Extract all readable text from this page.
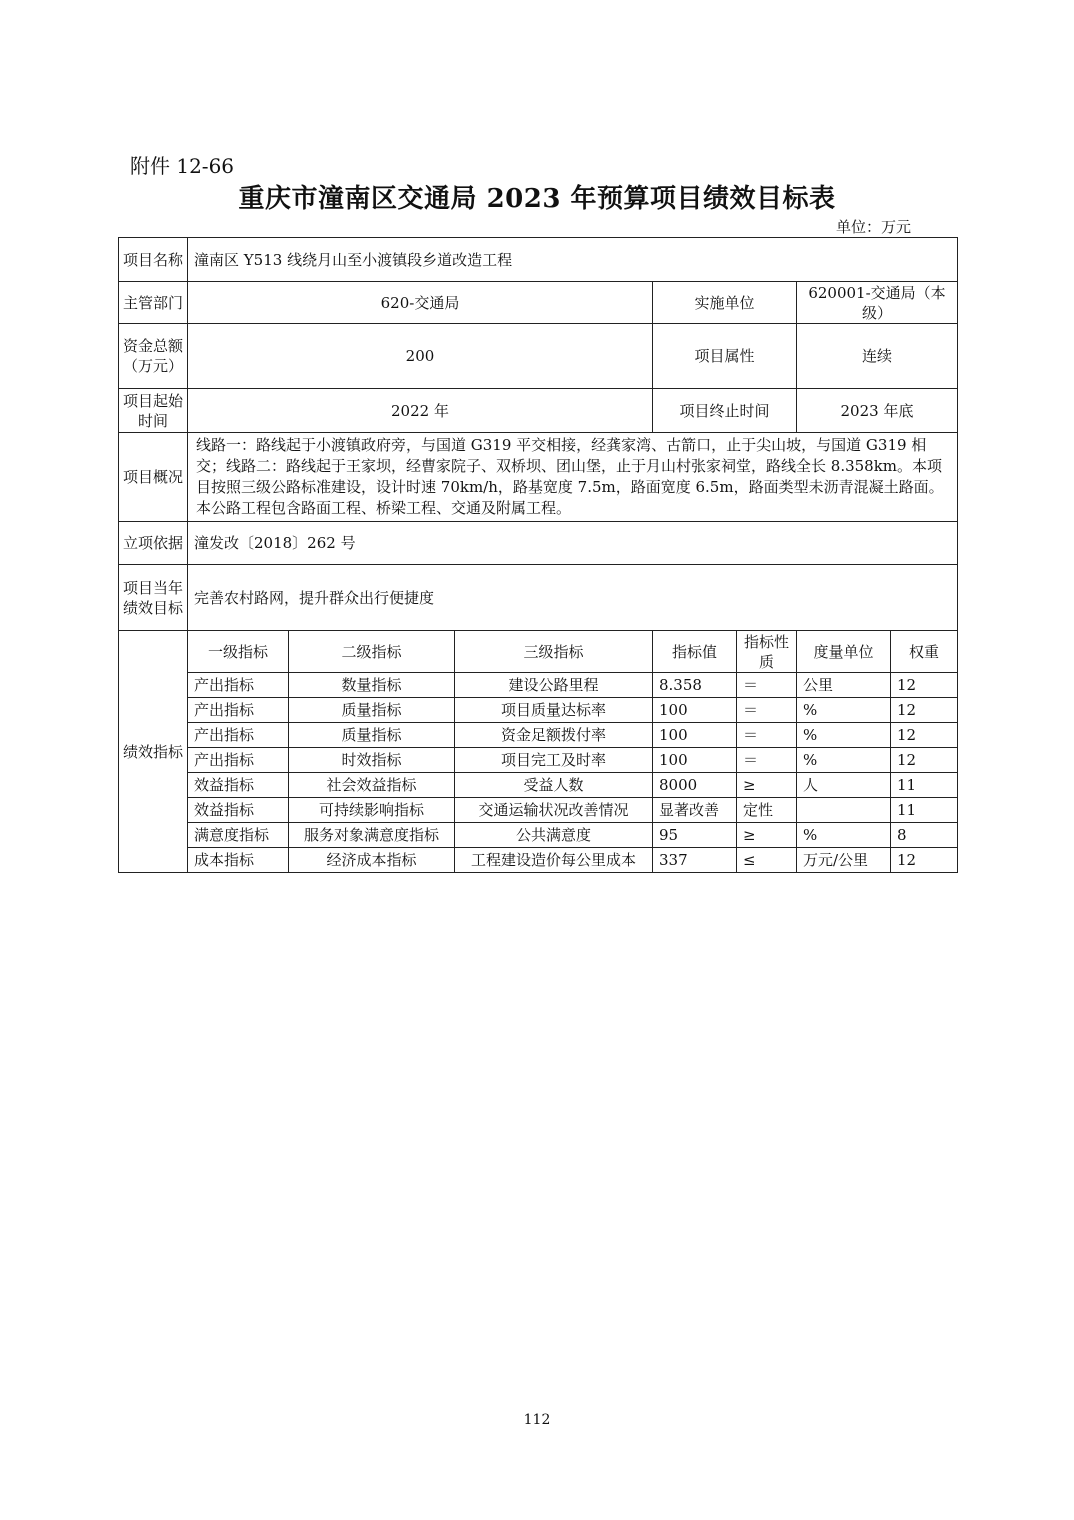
附件 12-66
重庆市潼南区交通局 2023 年预算项目绩效目标表
单位：万元
项目名称	潼南区 Y513 线绕月山至小渡镇段乡道改造工程						
主管部门	620-交通局			实施单位		620001-交通局（本级）	
资金总额（万元）	200			项目属性		连续	
项目起始时间	2022 年			项目终止时间		2023 年底	
项目概况	线路一：路线起于小渡镇政府旁，与国道 G319 平交相接，经龚家湾、古箭口，止于尖山坡，与国道 G319 相交；线路二：路线起于王家坝，经曹家院子、双桥坝、团山堡，止于月山村张家祠堂，路线全长 8.358km。本项目按照三级公路标准建设，设计时速 70km/h，路基宽度 7.5m，路面宽度 6.5m，路面类型未沥青混凝土路面。本公路工程包含路面工程、桥梁工程、交通及附属工程。						
立项依据	潼发改〔2018〕262 号						
项目当年绩效目标	完善农村路网，提升群众出行便捷度						
绩效指标	一级指标	二级指标	三级指标	指标值	指标性质	度量单位	权重
	产出指标	数量指标	建设公路里程	8.358	＝	公里	12
	产出指标	质量指标	项目质量达标率	100	＝	%	12
	产出指标	质量指标	资金足额拨付率	100	＝	%	12
	产出指标	时效指标	项目完工及时率	100	＝	%	12
	效益指标	社会效益指标	受益人数	8000	≥	人	11
	效益指标	可持续影响指标	交通运输状况改善情况	显著改善	定性		11
	满意度指标	服务对象满意度指标	公共满意度	95	≥	%	8
	成本指标	经济成本指标	工程建设造价每公里成本	337	≤	万元/公里	12
112
